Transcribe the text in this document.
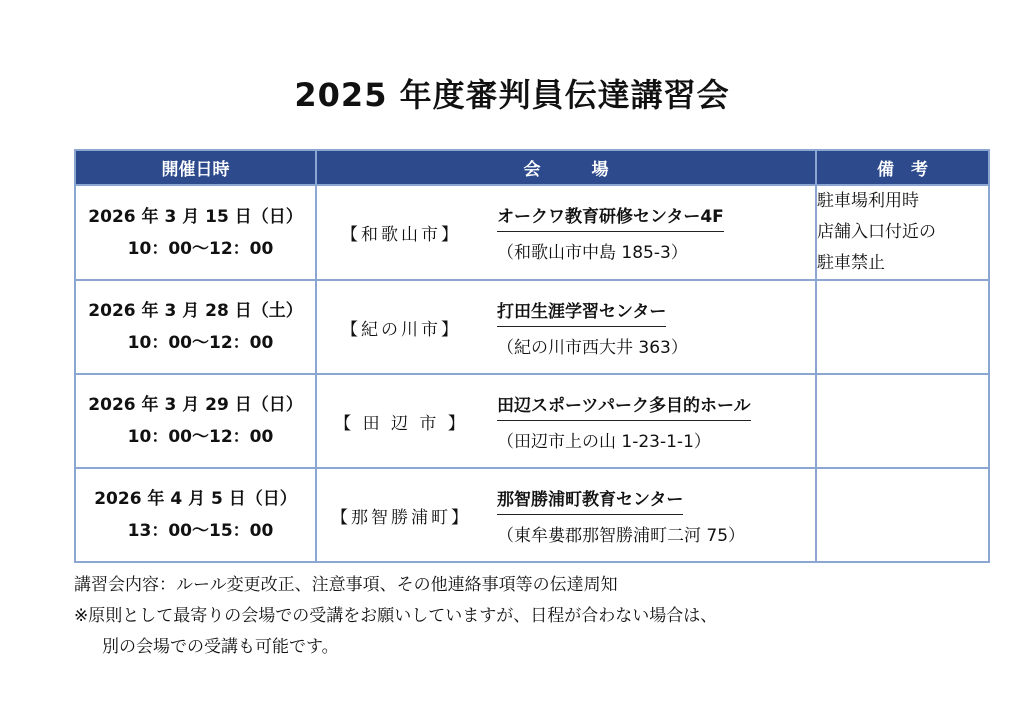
2025 年度審判員伝達講習会
開催日時	会　　　場	備　考

2026 年 3 月 15 日（日）
10：00～12：00	【和歌山市】
オークワ教育研修センター4F
（和歌山市中島 185-3）	駐車場利用時
店舗入口付近の
駐車禁止

2026 年 3 月 28 日（土）
10：00～12：00	【紀の川市】
打田生涯学習センター
（紀の川市西大井 363）	

2026 年 3 月 29 日（日）
10：00～12：00	【 田 辺 市 】
田辺スポーツパーク多目的ホール
（田辺市上の山 1-23-1-1）	

2026 年 4 月 5 日（日）
13：00～15：00	【那智勝浦町】
那智勝浦町教育センター
（東牟婁郡那智勝浦町二河 75）	

講習会内容：ルール変更改正、注意事項、その他連絡事項等の伝達周知
※原則として最寄りの会場での受講をお願いしていますが、日程が合わない場合は、
別の会場での受講も可能です。
